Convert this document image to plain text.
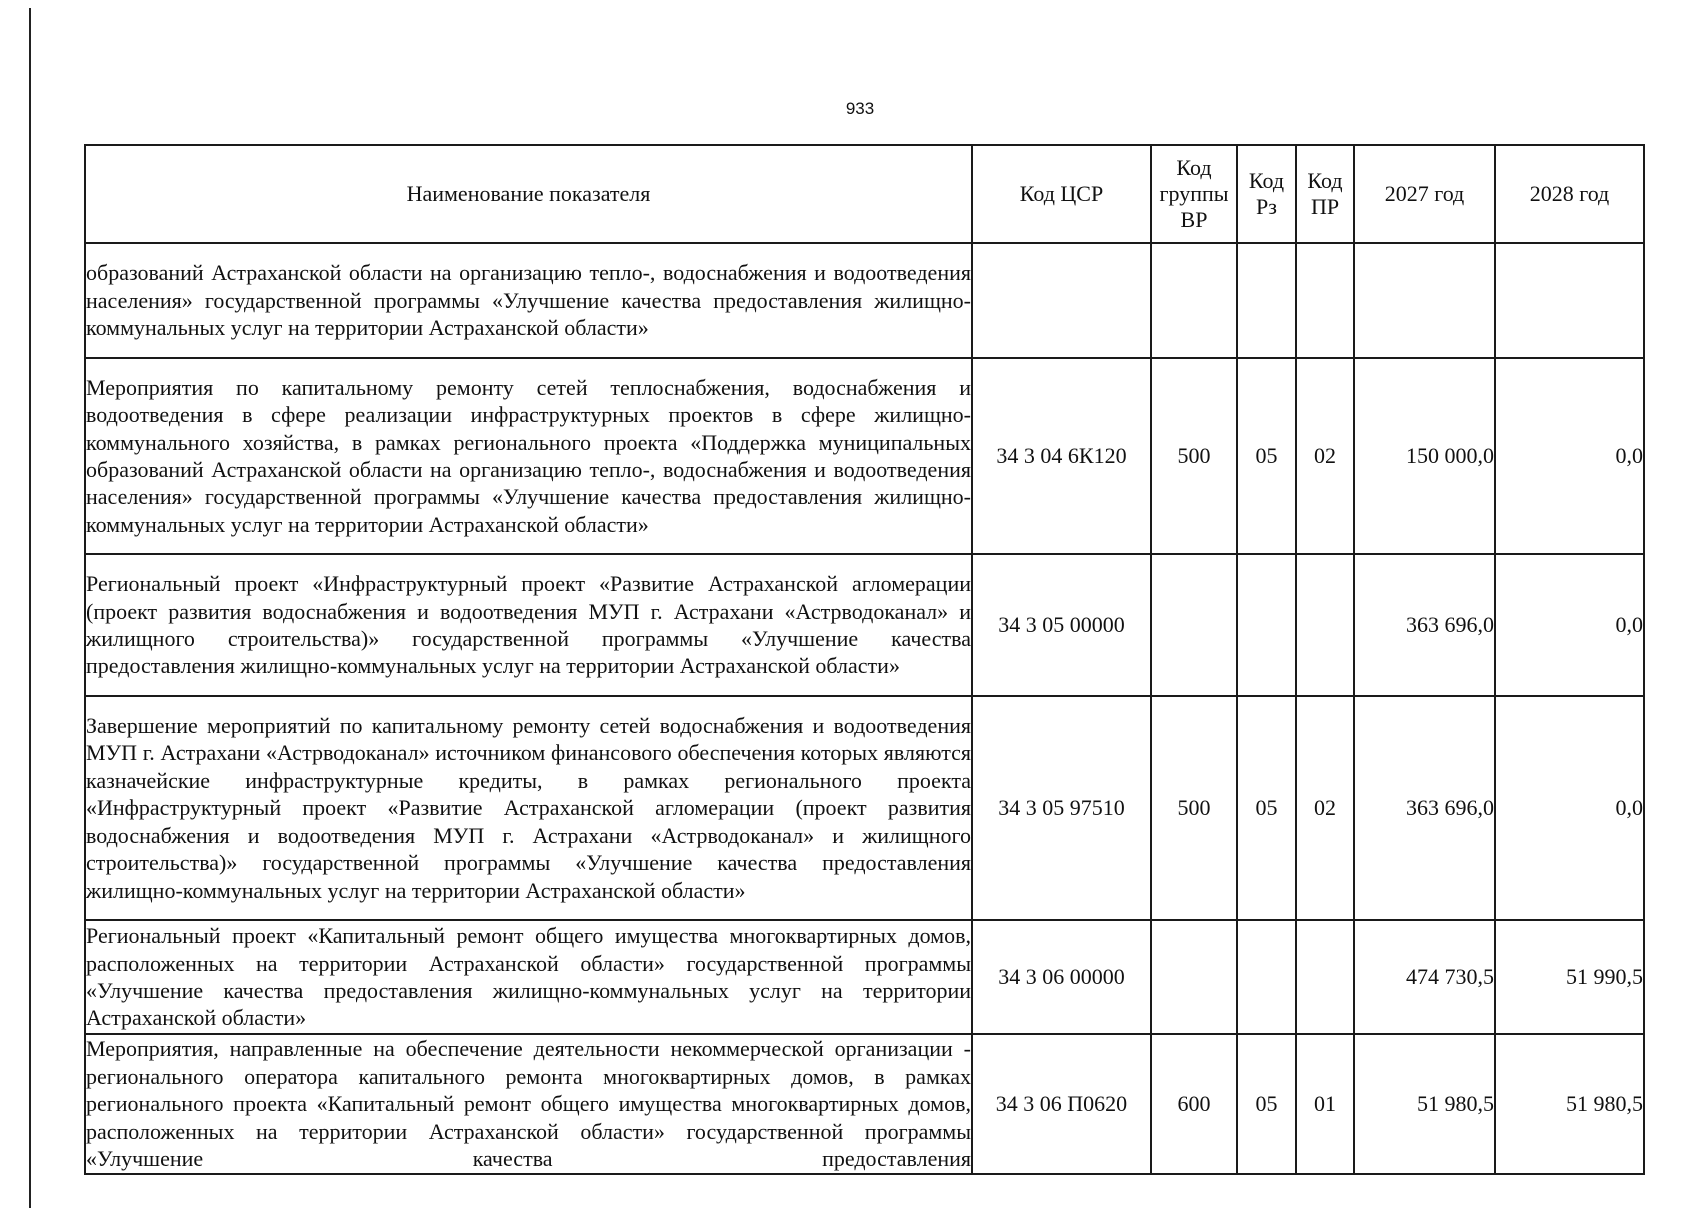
933
Наименование показателя	Код ЦСР	Код группы ВР	Код Рз	Код ПР	2027 год	2028 год
образований Астраханской области на организацию тепло-, водоснабжения и водоотведения населения» государственной программы «Улучшение качества предоставления жилищно-коммунальных услуг на территории Астраханской области»						
Мероприятия по капитальному ремонту сетей теплоснабжения, водоснабжения и водоотведения в сфере реализации инфраструктурных проектов в сфере жилищно-коммунального хозяйства, в рамках регионального проекта «Поддержка муниципальных образований Астраханской области на организацию тепло-, водоснабжения и водоотведения населения» государственной программы «Улучшение качества предоставления жилищно-коммунальных услуг на территории Астраханской области»	34 3 04 6К120	500	05	02	150 000,0	0,0
Региональный проект «Инфраструктурный проект «Развитие Астраханской агломерации (проект развития водоснабжения и водоотведения МУП г. Астрахани «Астрводоканал» и жилищного строительства)» государственной программы «Улучшение качества предоставления жилищно-коммунальных услуг на территории Астраханской области»	34 3 05 00000				363 696,0	0,0
Завершение мероприятий по капитальному ремонту сетей водоснабжения и водоотведения МУП г. Астрахани «Астрводоканал» источником финансового обеспечения которых являются казначейские инфраструктурные кредиты, в рамках регионального проекта «Инфраструктурный проект «Развитие Астраханской агломерации (проект развития водоснабжения и водоотведения МУП г. Астрахани «Астрводоканал» и жилищного строительства)» государственной программы «Улучшение качества предоставления жилищно-коммунальных услуг на территории Астраханской области»	34 3 05 97510	500	05	02	363 696,0	0,0
Региональный проект «Капитальный ремонт общего имущества многоквартирных домов, расположенных на территории Астраханской области» государственной программы «Улучшение качества предоставления жилищно-коммунальных услуг на территории Астраханской области»	34 3 06 00000				474 730,5	51 990,5
Мероприятия, направленные на обеспечение деятельности некоммерческой организации - регионального оператора капитального ремонта многоквартирных домов, в рамках регионального проекта «Капитальный ремонт общего имущества многоквартирных домов, расположенных на территории Астраханской области» государственной программы «Улучшение качества предоставления	34 3 06 П0620	600	05	01	51 980,5	51 980,5
